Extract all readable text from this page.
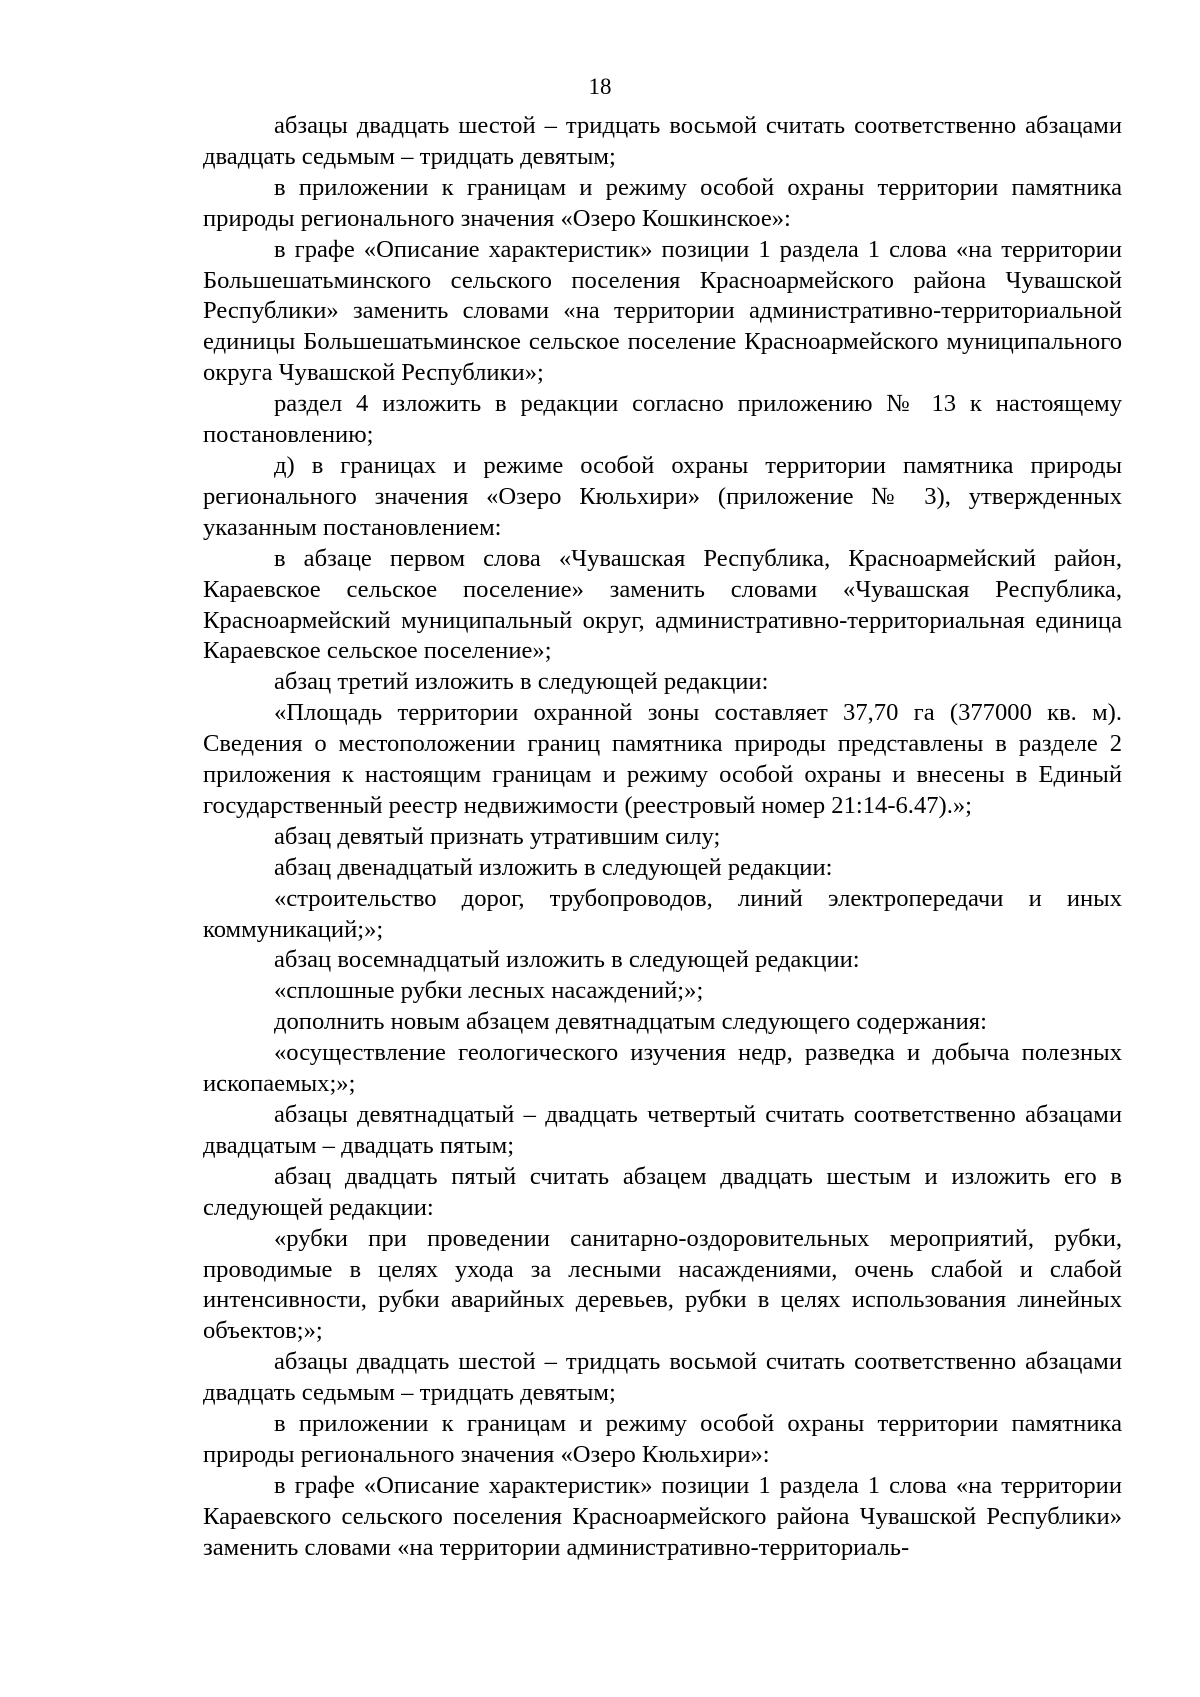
18

абзацы двадцать шестой – тридцать восьмой считать соответственно абзацами двадцать седьмым – тридцать девятым;

в приложении к границам и режиму особой охраны территории памятника природы регионального значения «Озеро Кошкинское»:

в графе «Описание характеристик» позиции 1 раздела 1 слова «на территории Большешатьминского сельского поселения Красноармейского района Чувашской Республики» заменить словами «на территории административно-территориальной единицы Большешатьминское сельское поселение Красноармейского муниципального округа Чувашской Республики»;

раздел 4 изложить в редакции согласно приложению № 13 к настоящему постановлению;

д) в границах и режиме особой охраны территории памятника природы регионального значения «Озеро Кюльхири» (приложение № 3), утвержденных указанным постановлением:

в абзаце первом слова «Чувашская Республика, Красноармейский район, Караевское сельское поселение» заменить словами «Чувашская Республика, Красноармейский муниципальный округ, административно-территориальная единица Караевское сельское поселение»;

абзац третий изложить в следующей редакции:

«Площадь территории охранной зоны составляет 37,70 га (377000 кв. м). Сведения о местоположении границ памятника природы представлены в разделе 2 приложения к настоящим границам и режиму особой охраны и внесены в Единый государственный реестр недвижимости (реестровый номер 21:14-6.47).»;

абзац девятый признать утратившим силу;

абзац двенадцатый изложить в следующей редакции:

«строительство дорог, трубопроводов, линий электропередачи и иных коммуникаций;»;

абзац восемнадцатый изложить в следующей редакции:

«сплошные рубки лесных насаждений;»;

дополнить новым абзацем девятнадцатым следующего содержания:

«осуществление геологического изучения недр, разведка и добыча полезных ископаемых;»;

абзацы девятнадцатый – двадцать четвертый считать соответственно абзацами двадцатым – двадцать пятым;

абзац двадцать пятый считать абзацем двадцать шестым и изложить его в следующей редакции:

«рубки при проведении санитарно-оздоровительных мероприятий, рубки, проводимые в целях ухода за лесными насаждениями, очень слабой и слабой интенсивности, рубки аварийных деревьев, рубки в целях использования линейных объектов;»;

абзацы двадцать шестой – тридцать восьмой считать соответственно абзацами двадцать седьмым – тридцать девятым;

в приложении к границам и режиму особой охраны территории памятника природы регионального значения «Озеро Кюльхири»:

в графе «Описание характеристик» позиции 1 раздела 1 слова «на территории Караевского сельского поселения Красноармейского района Чувашской Республики» заменить словами «на территории административно-территориаль-
